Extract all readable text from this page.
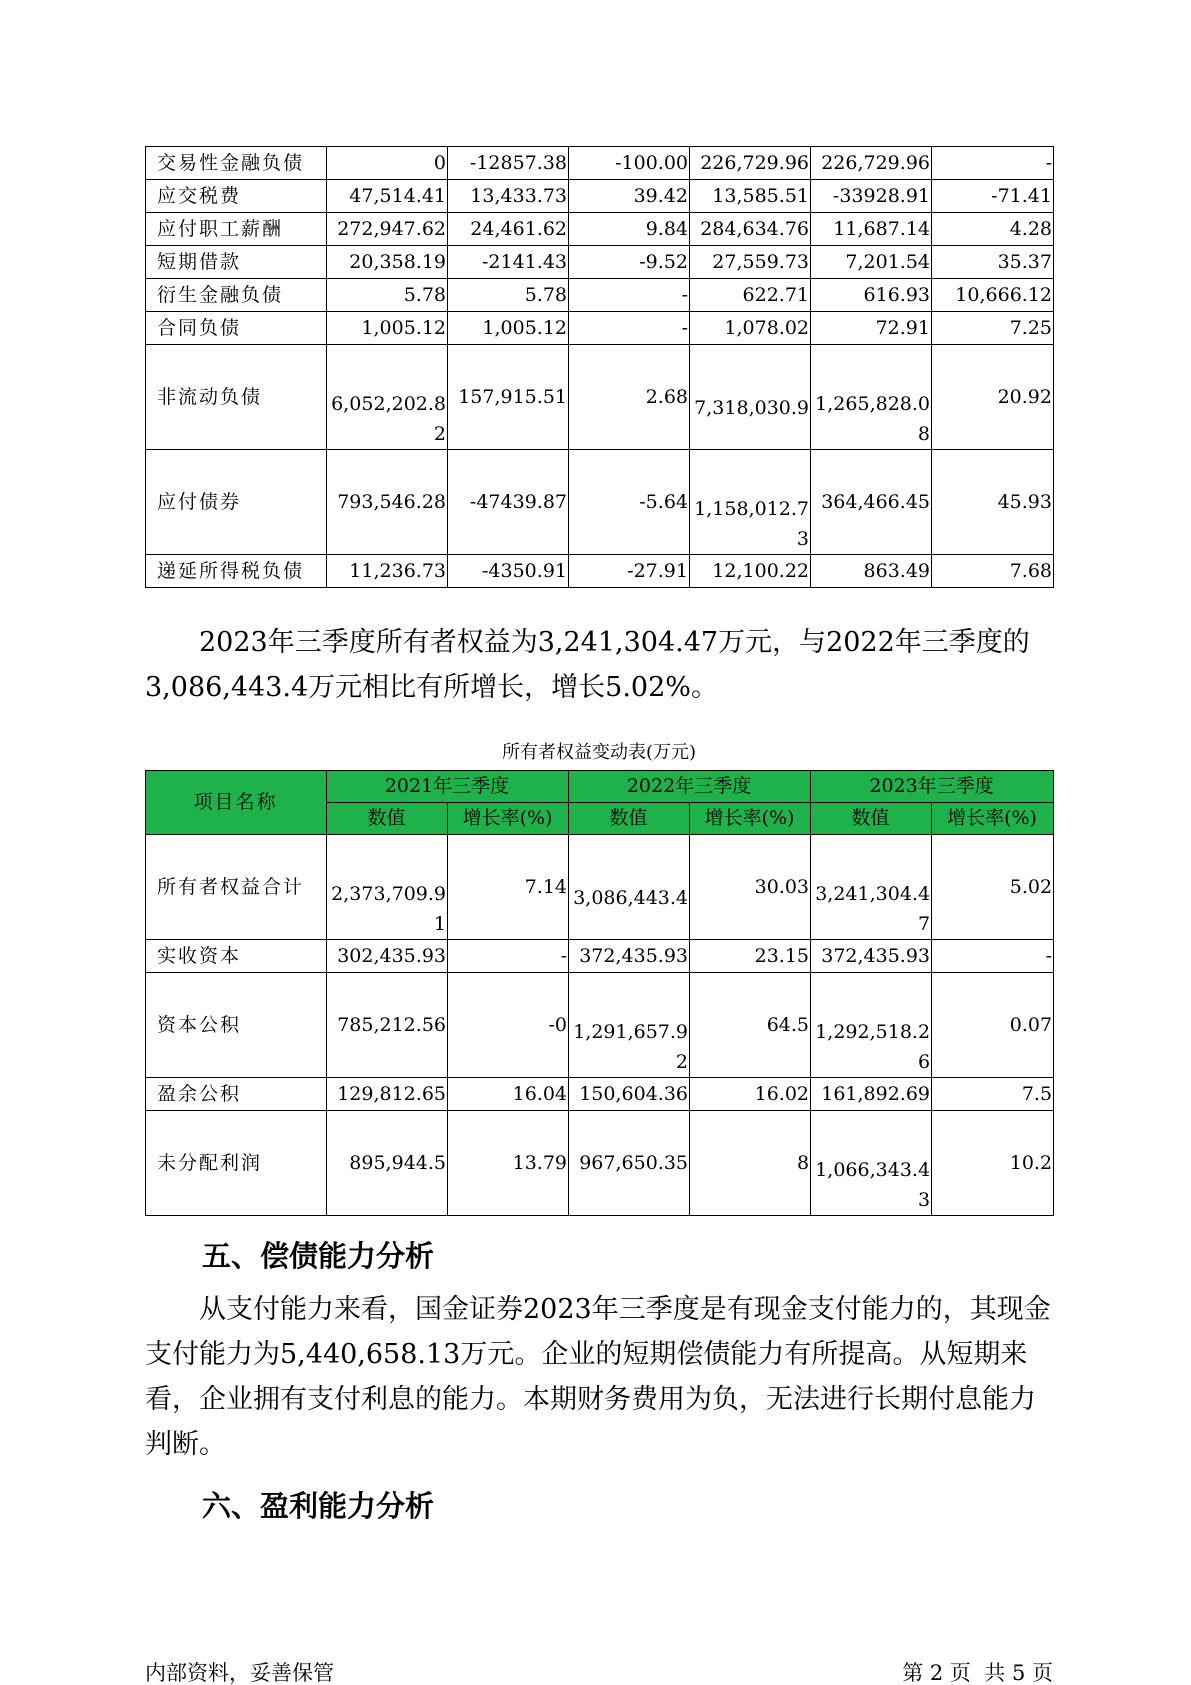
交易性金融负债	0	-12857.38	-100.00	226,729.96	226,729.96	-
应交税费	47,514.41	13,433.73	39.42	13,585.51	-33928.91	-71.41
应付职工薪酬	272,947.62	24,461.62	9.84	284,634.76	11,687.14	4.28
短期借款	20,358.19	-2141.43	-9.52	27,559.73	7,201.54	35.37
衍生金融负债	5.78	5.78	-	622.71	616.93	10,666.12
合同负债	1,005.12	1,005.12	-	1,078.02	72.91	7.25
非流动负债	6,052,202.82	157,915.51	2.68	7,318,030.9	1,265,828.08	20.92
应付债券	793,546.28	-47439.87	-5.64	1,158,012.73	364,466.45	45.93
递延所得税负债	11,236.73	-4350.91	-27.91	12,100.22	863.49	7.68

2023年三季度所有者权益为3,241,304.47万元，与2022年三季度的3,086,443.4万元相比有所增长，增长5.02%。

所有者权益变动表(万元)
项目名称	2021年三季度		2022年三季度		2023年三季度	
	数值	增长率(%)	数值	增长率(%)	数值	增长率(%)
所有者权益合计	2,373,709.91	7.14	3,086,443.4	30.03	3,241,304.47	5.02
实收资本	302,435.93	-	372,435.93	23.15	372,435.93	-
资本公积	785,212.56	-0	1,291,657.92	64.5	1,292,518.26	0.07
盈余公积	129,812.65	16.04	150,604.36	16.02	161,892.69	7.5
未分配利润	895,944.5	13.79	967,650.35	8	1,066,343.43	10.2
五、偿债能力分析

从支付能力来看，国金证券2023年三季度是有现金支付能力的，其现金支付能力为5,440,658.13万元。企业的短期偿债能力有所提高。从短期来看，企业拥有支付利息的能力。本期财务费用为负，无法进行长期付息能力判断。

六、盈利能力分析
内部资料，妥善保管	第 2 页  共 5 页
